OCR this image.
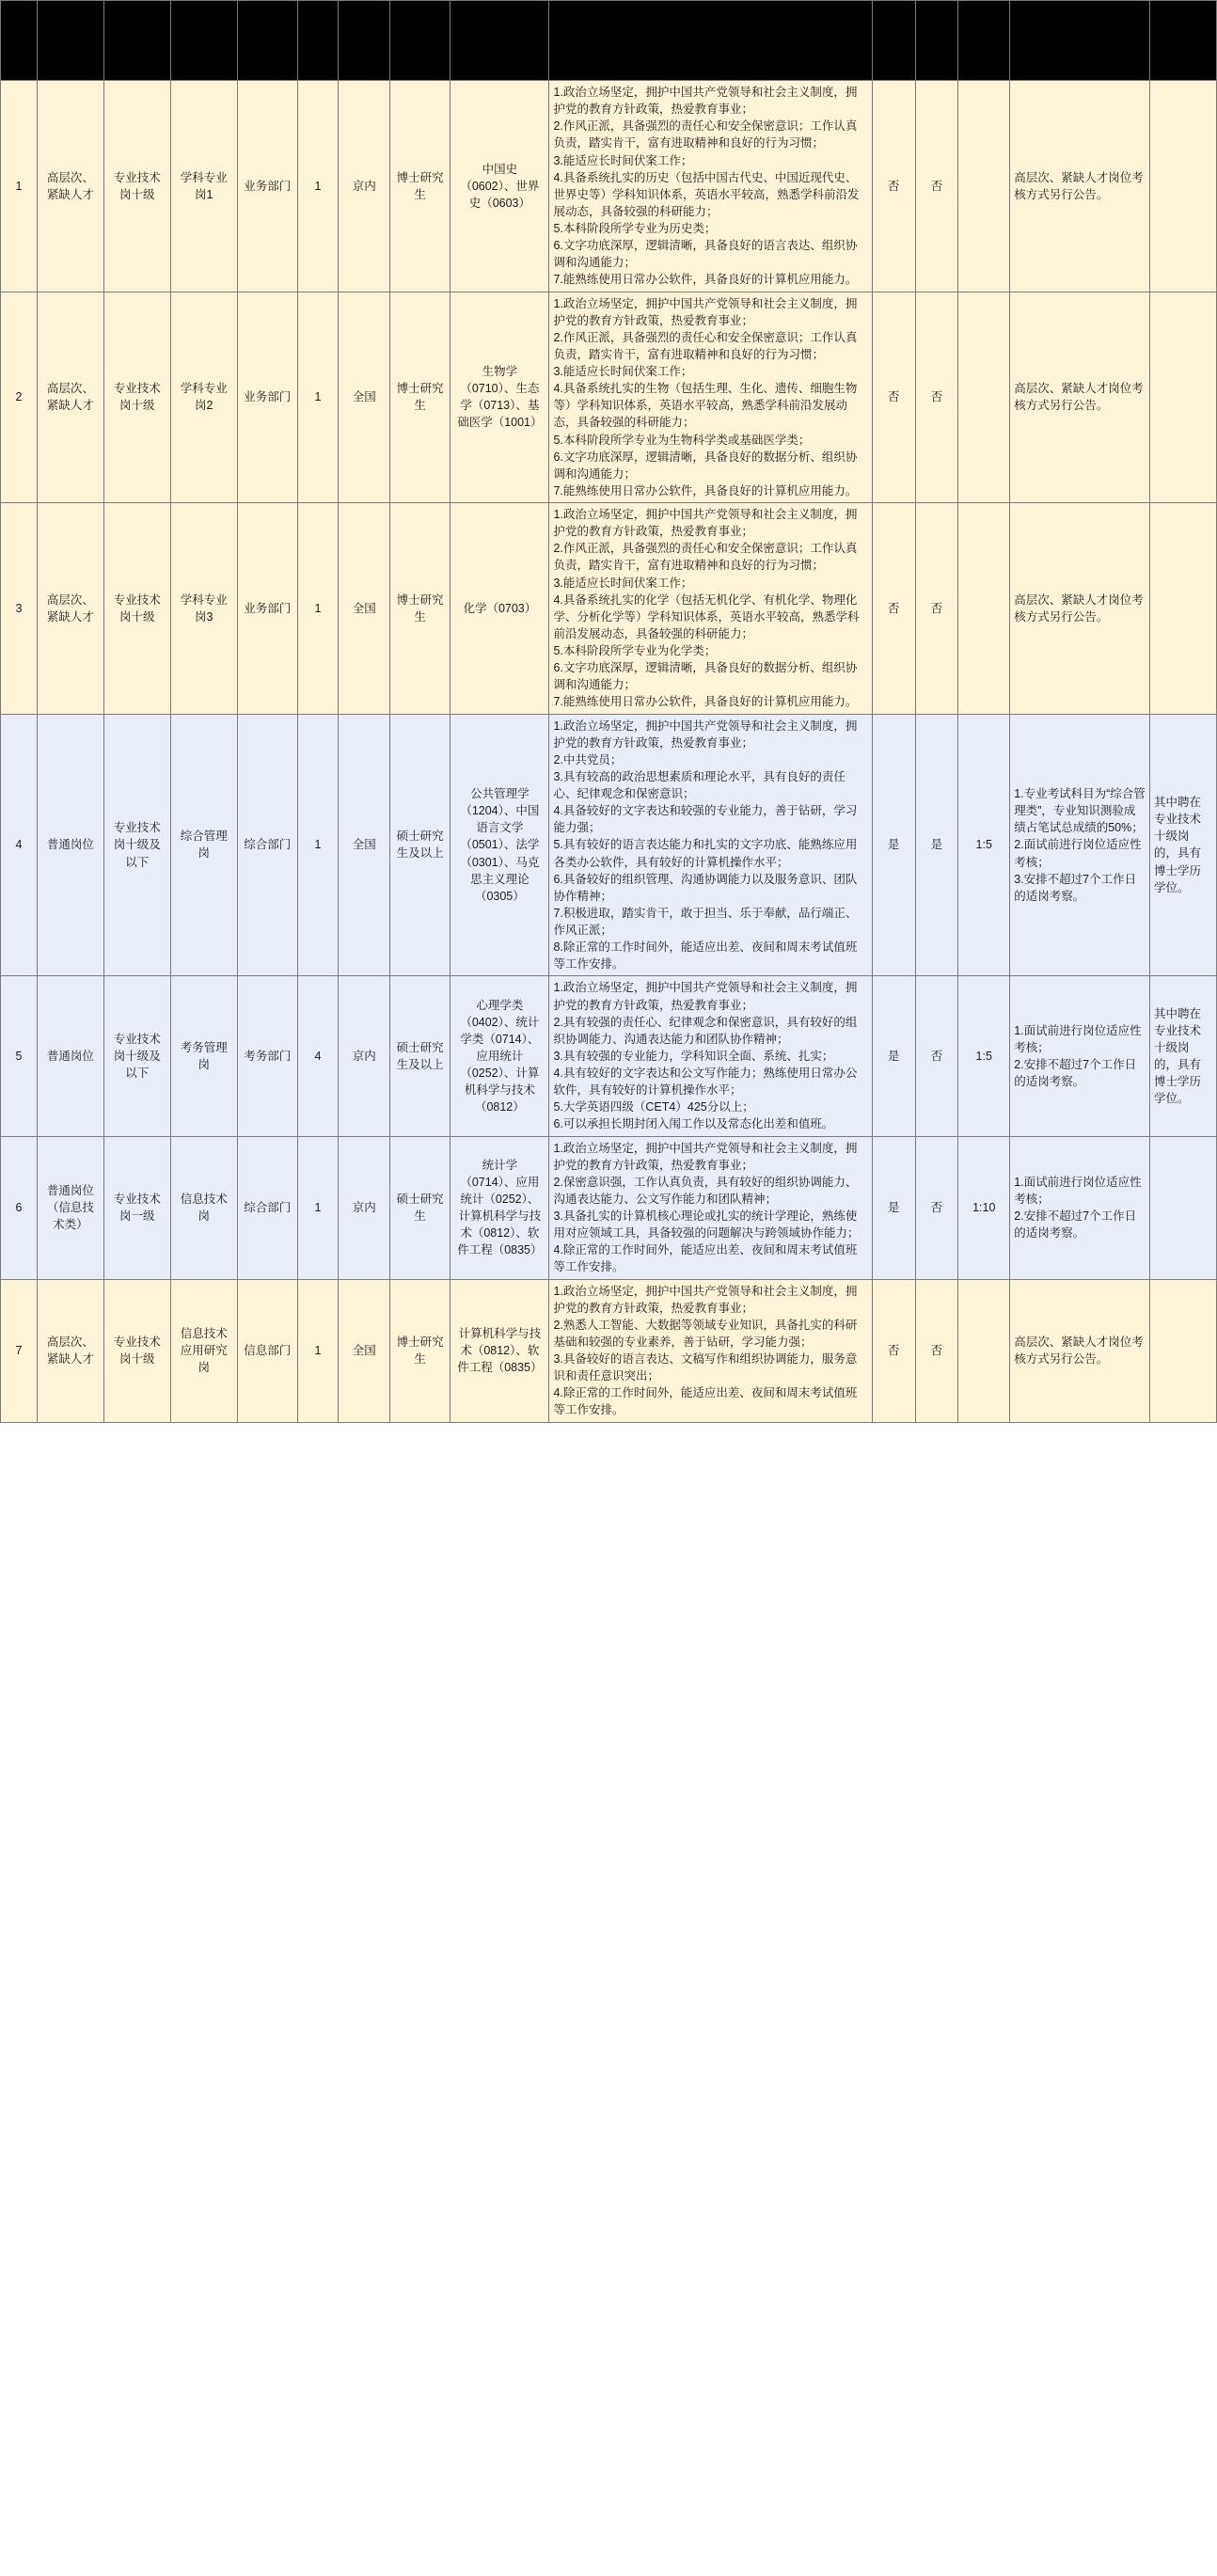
序号	岗位类别	岗位等级	岗位名称	工作部门/人员	数量	地点	学历学位	专业要求	招聘条件	是否笔试(开卷/闭卷)	是否面试	笔试面试比例	考察考核	备注
1	高层次、紧缺人才	专业技术岗十级	学科专业岗1	业务部门	1	京内	博士研究生	中国史（0602）、世界史（0603）	1.政治立场坚定，拥护中国共产党领导和社会主义制度，拥护党的教育方针政策，热爱教育事业；
2.作风正派，具备强烈的责任心和安全保密意识；工作认真负责，踏实肯干，富有进取精神和良好的行为习惯；
3.能适应长时间伏案工作；
4.具备系统扎实的历史（包括中国古代史、中国近现代史、世界史等）学科知识体系，英语水平较高，熟悉学科前沿发展动态，具备较强的科研能力；
5.本科阶段所学专业为历史类；
6.文字功底深厚，逻辑清晰，具备良好的语言表达、组织协调和沟通能力；
7.能熟练使用日常办公软件，具备良好的计算机应用能力。	否	否		高层次、紧缺人才岗位考核方式另行公告。	
2	高层次、紧缺人才	专业技术岗十级	学科专业岗2	业务部门	1	全国	博士研究生	生物学（0710）、生态学（0713）、基础医学（1001）	1.政治立场坚定，拥护中国共产党领导和社会主义制度，拥护党的教育方针政策，热爱教育事业；
2.作风正派，具备强烈的责任心和安全保密意识；工作认真负责，踏实肯干，富有进取精神和良好的行为习惯；
3.能适应长时间伏案工作；
4.具备系统扎实的生物（包括生理、生化、遗传、细胞生物等）学科知识体系，英语水平较高，熟悉学科前沿发展动态，具备较强的科研能力；
5.本科阶段所学专业为生物科学类或基础医学类；
6.文字功底深厚，逻辑清晰，具备良好的数据分析、组织协调和沟通能力；
7.能熟练使用日常办公软件，具备良好的计算机应用能力。	否	否		高层次、紧缺人才岗位考核方式另行公告。	
3	高层次、紧缺人才	专业技术岗十级	学科专业岗3	业务部门	1	全国	博士研究生	化学（0703）	1.政治立场坚定，拥护中国共产党领导和社会主义制度，拥护党的教育方针政策，热爱教育事业；
2.作风正派，具备强烈的责任心和安全保密意识；工作认真负责，踏实肯干，富有进取精神和良好的行为习惯；
3.能适应长时间伏案工作；
4.具备系统扎实的化学（包括无机化学、有机化学、物理化学、分析化学等）学科知识体系，英语水平较高，熟悉学科前沿发展动态，具备较强的科研能力；
5.本科阶段所学专业为化学类；
6.文字功底深厚，逻辑清晰，具备良好的数据分析、组织协调和沟通能力；
7.能熟练使用日常办公软件，具备良好的计算机应用能力。	否	否		高层次、紧缺人才岗位考核方式另行公告。	
4	普通岗位	专业技术岗十级及以下	综合管理岗	综合部门	1	全国	硕士研究生及以上	公共管理学（1204）、中国语言文学（0501）、法学（0301）、马克思主义理论（0305）	1.政治立场坚定，拥护中国共产党领导和社会主义制度，拥护党的教育方针政策，热爱教育事业；
2.中共党员；
3.具有较高的政治思想素质和理论水平，具有良好的责任心、纪律观念和保密意识；
4.具备较好的文字表达和较强的专业能力，善于钻研，学习能力强；
5.具有较好的语言表达能力和扎实的文字功底、能熟练应用各类办公软件，具有较好的计算机操作水平；
6.具备较好的组织管理、沟通协调能力以及服务意识、团队协作精神；
7.积极进取，踏实肯干，敢于担当、乐于奉献，品行端正、作风正派；
8.除正常的工作时间外，能适应出差、夜间和周末考试值班等工作安排。	是	是	1:5	1.专业考试科目为“综合管理类”，专业知识测验成绩占笔试总成绩的50%；
2.面试前进行岗位适应性考核；
3.安排不超过7个工作日的适岗考察。	其中聘在专业技术十级岗的，具有博士学历学位。
5	普通岗位	专业技术岗十级及以下	考务管理岗	考务部门	4	京内	硕士研究生及以上	心理学类（0402）、统计学类（0714）、应用统计（0252）、计算机科学与技术（0812）	1.政治立场坚定，拥护中国共产党领导和社会主义制度，拥护党的教育方针政策，热爱教育事业；
2.具有较强的责任心、纪律观念和保密意识，具有较好的组织协调能力、沟通表达能力和团队协作精神；
3.具有较强的专业能力，学科知识全面、系统、扎实；
4.具有较好的文字表达和公文写作能力；熟练使用日常办公软件，具有较好的计算机操作水平；
5.大学英语四级（CET4）425分以上；
6.可以承担长期封闭入闱工作以及常态化出差和值班。	是	否	1:5	1.面试前进行岗位适应性考核；
2.安排不超过7个工作日的适岗考察。	其中聘在专业技术十级岗的，具有博士学历学位。
6	普通岗位（信息技术类）	专业技术岗一级	信息技术岗	综合部门	1	京内	硕士研究生	统计学（0714）、应用统计（0252）、计算机科学与技术（0812）、软件工程（0835）	1.政治立场坚定，拥护中国共产党领导和社会主义制度，拥护党的教育方针政策，热爱教育事业；
2.保密意识强，工作认真负责，具有较好的组织协调能力、沟通表达能力、公文写作能力和团队精神；
3.具备扎实的计算机核心理论或扎实的统计学理论，熟练使用对应领域工具，具备较强的问题解决与跨领域协作能力；
4.除正常的工作时间外，能适应出差、夜间和周末考试值班等工作安排。	是	否	1:10	1.面试前进行岗位适应性考核；
2.安排不超过7个工作日的适岗考察。	
7	高层次、紧缺人才	专业技术岗十级	信息技术应用研究岗	信息部门	1	全国	博士研究生	计算机科学与技术（0812）、软件工程（0835）	1.政治立场坚定，拥护中国共产党领导和社会主义制度，拥护党的教育方针政策，热爱教育事业；
2.熟悉人工智能、大数据等领域专业知识，具备扎实的科研基础和较强的专业素养，善于钻研，学习能力强；
3.具备较好的语言表达、文稿写作和组织协调能力，服务意识和责任意识突出；
4.除正常的工作时间外，能适应出差、夜间和周末考试值班等工作安排。	否	否		高层次、紧缺人才岗位考核方式另行公告。	
